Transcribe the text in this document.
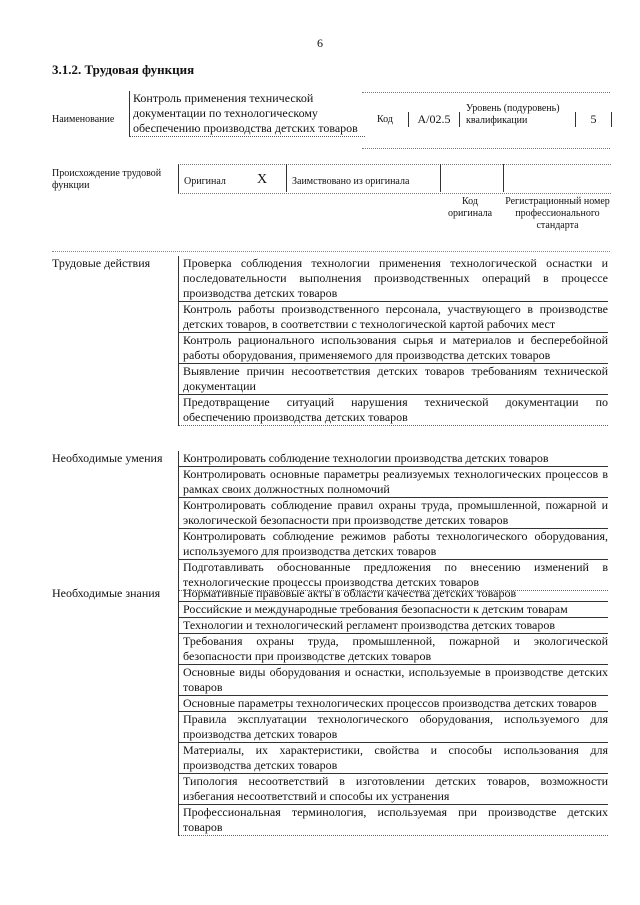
6
3.1.2. Трудовая функция
Наименование
Контроль применения технической документации по технологическому обеспечению производства детских товаров
Код	A/02.5
Уровень (подуровень) квалификации	5
Происхождение трудовой функции	Оригинал X Заимствовано из оригинала
Код оригинала
Регистрационный номер профессионального стандарта
Трудовые действия	Проверка соблюдения технологии применения технологической оснастки и последовательности выполнения производственных операций в процессе производства детских товаров
Контроль работы производственного персонала, участвующего в производстве детских товаров, в соответствии с технологической картой рабочих мест
Контроль рационального использования сырья и материалов и бесперебойной работы оборудования, применяемого для производства детских товаров
Выявление причин несоответствия детских товаров требованиям технической документации
Предотвращение ситуаций нарушения технической документации по обеспечению производства детских товаров
Необходимые умения	Контролировать соблюдение технологии производства детских товаров
Контролировать основные параметры реализуемых технологических процессов в рамках своих должностных полномочий
Контролировать соблюдение правил охраны труда, промышленной, пожарной и экологической безопасности при производстве детских товаров
Контролировать соблюдение режимов работы технологического оборудования, используемого для производства детских товаров
Подготавливать обоснованные предложения по внесению изменений в технологические процессы производства детских товаров
Необходимые знания	Нормативные правовые акты в области качества детских товаров
Российские и международные требования безопасности к детским товарам
Технологии и технологический регламент производства детских товаров
Требования охраны труда, промышленной, пожарной и экологической безопасности при производстве детских товаров
Основные виды оборудования и оснастки, используемые в производстве детских товаров
Основные параметры технологических процессов производства детских товаров
Правила эксплуатации технологического оборудования, используемого для производства детских товаров
Материалы, их характеристики, свойства и способы использования для производства детских товаров
Типология несоответствий в изготовлении детских товаров, возможности избегания несоответствий и способы их устранения
Профессиональная терминология, используемая при производстве детских товаров
